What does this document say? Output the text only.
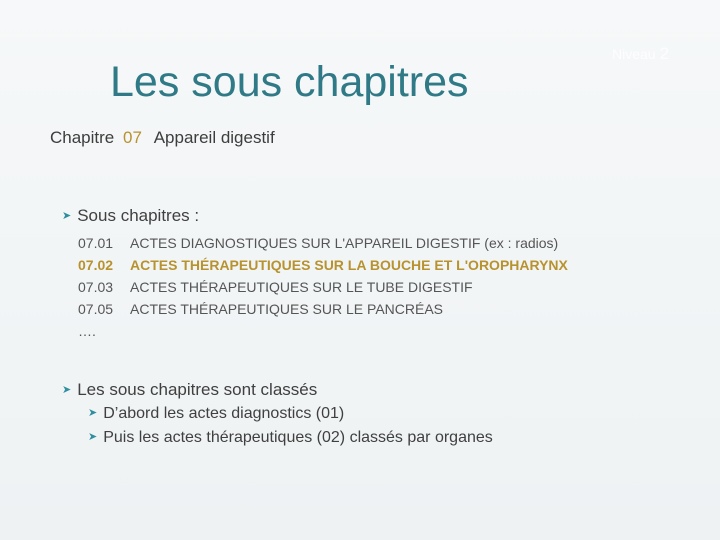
Niveau 2
Les sous chapitres
Chapitre 07 Appareil digestif
➤ Sous chapitres :
07.01	ACTES DIAGNOSTIQUES SUR L'APPAREIL DIGESTIF (ex : radios)
07.02	ACTES THÉRAPEUTIQUES SUR LA BOUCHE ET L'OROPHARYNX
07.03	ACTES THÉRAPEUTIQUES SUR LE TUBE DIGESTIF
07.05	ACTES THÉRAPEUTIQUES SUR LE PANCRÉAS
….
➤ Les sous chapitres sont classés
➤ D’abord les actes diagnostics (01)
➤ Puis les actes thérapeutiques (02) classés par organes
